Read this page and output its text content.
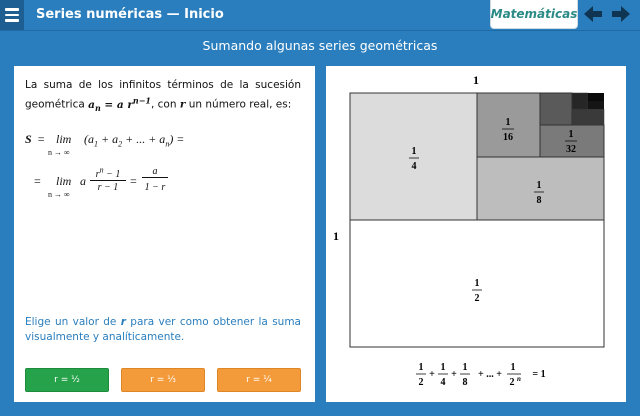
Series numéricas — Inicio	Matemáticas
Sumando algunas series geométricas
La suma de los infinitos términos de la sucesión geométrica $a_n = a$ $r^{n-1}$, con r un número real, es:
S = lim
n → ∞
($a_1 + a_2$ + ... + $a_n$) =
= lim
n → ∞
a $r^n - 1$
r − 1 =
a
1 − r
Elige un valor de r para ver como obtener la suma visualmente y analíticamente.
r = ½	r = ⅓	r = ¼
1
1
1
2
1
4
1
8
1
16	1
32
1
2
+
1
4
+
1
8
+ ... +
1
2 n = 1
